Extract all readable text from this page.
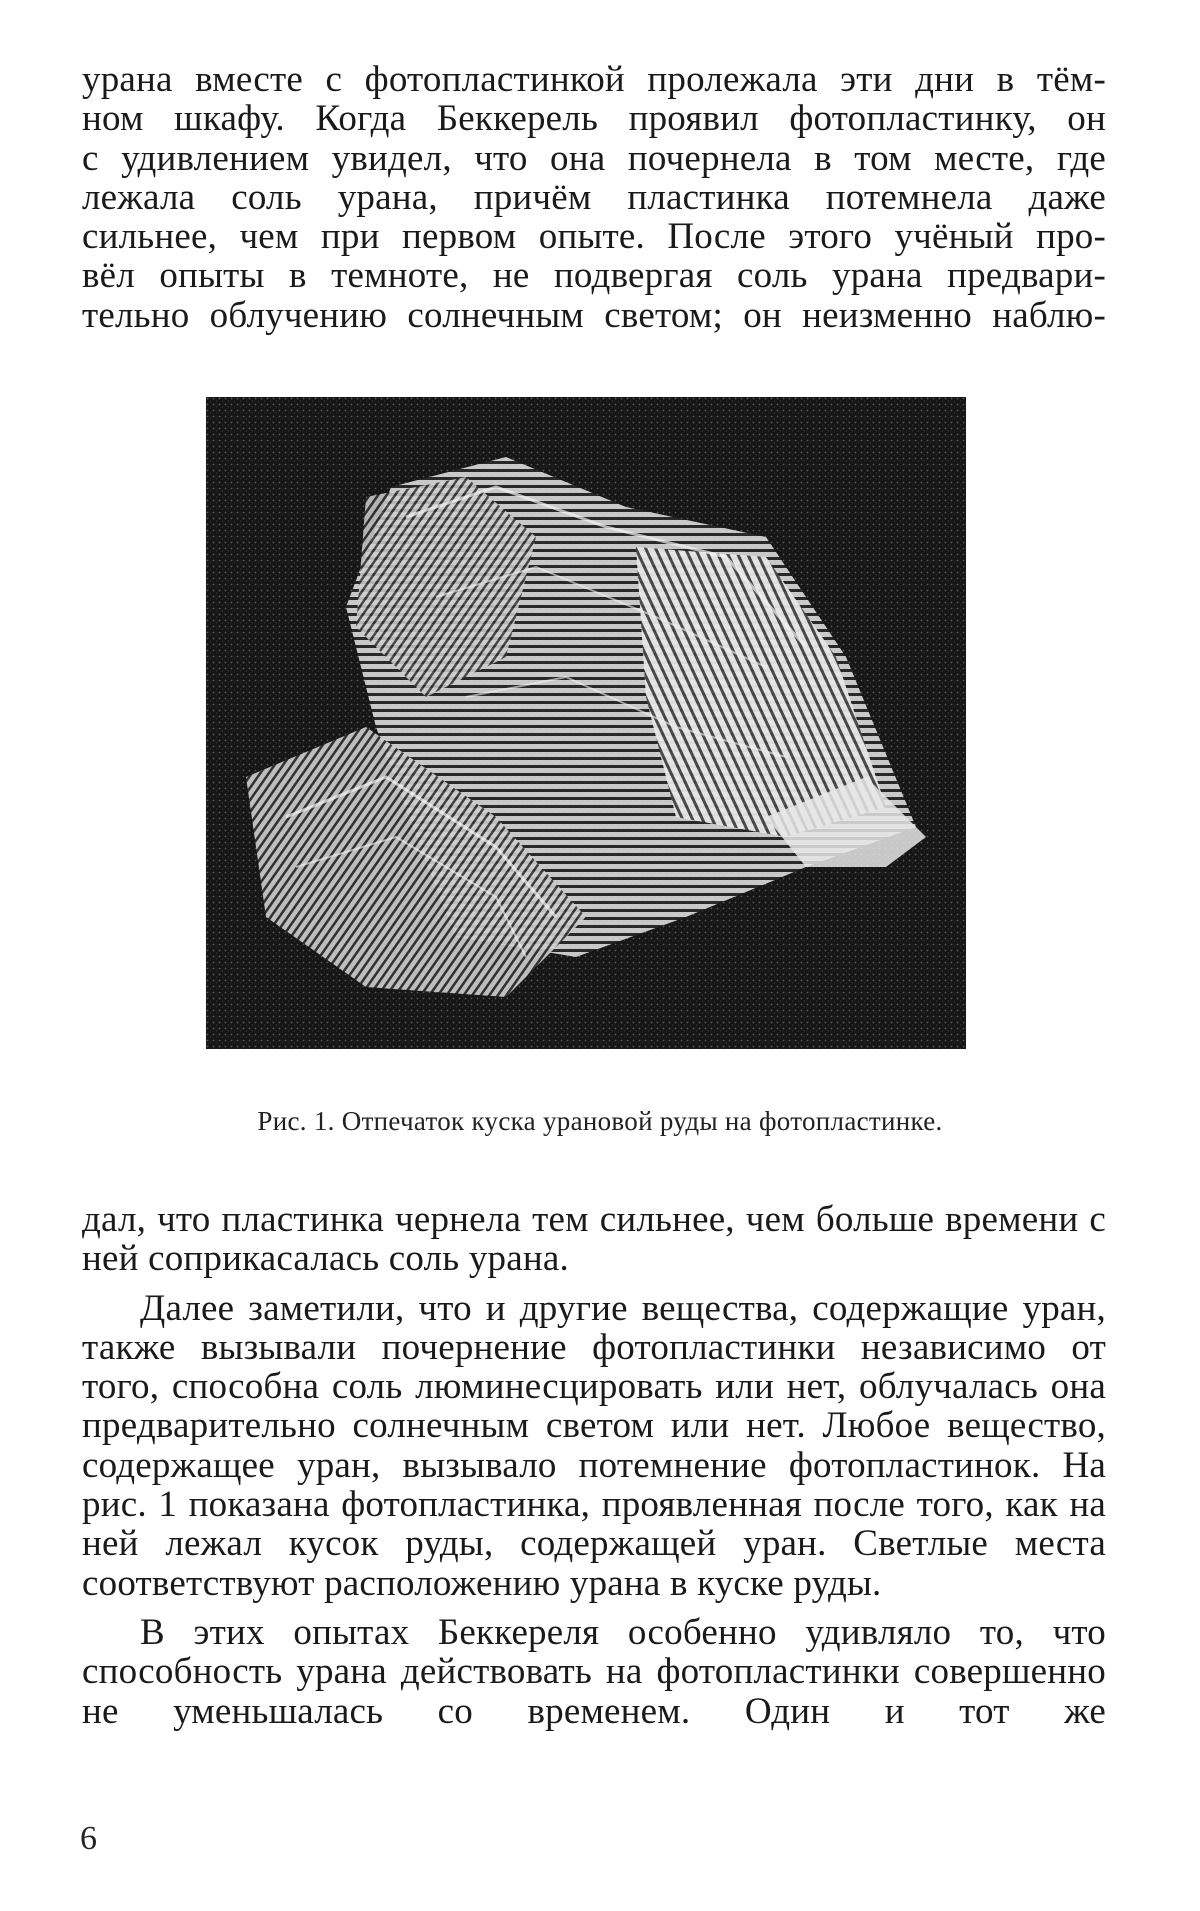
урана вместе с фотопластинкой пролежала эти дни в тём-

ном шкафу. Когда Беккерель проявил фотопластинку, он

с удивлением увидел, что она почернела в том месте, где

лежала соль урана, причём пластинка потемнела даже

сильнее, чем при первом опыте. После этого учёный про-

вёл опыты в темноте, не подвергая соль урана предвари-

тельно облучению солнечным светом; он неизменно наблю-

Рис. 1. Отпечаток куска урановой руды на фотопластинке.

дал, что пластинка чернела тем сильнее, чем больше времени с ней соприкасалась соль урана.

Далее заметили, что и другие вещества, содержащие уран, также вызывали почернение фотопластинки независимо от того, способна соль люминесцировать или нет, облучалась она предварительно солнечным светом или нет. Любое вещество, содержащее уран, вызывало потемнение фотопластинок. На рис. 1 показана фотопластинка, проявленная после того, как на ней лежал кусок руды, содержащей уран. Светлые места соответствуют расположению урана в куске руды.

В этих опытах Беккереля особенно удивляло то, что способность урана действовать на фотопластинки совершенно не уменьшалась со временем. Один и тот же

6
